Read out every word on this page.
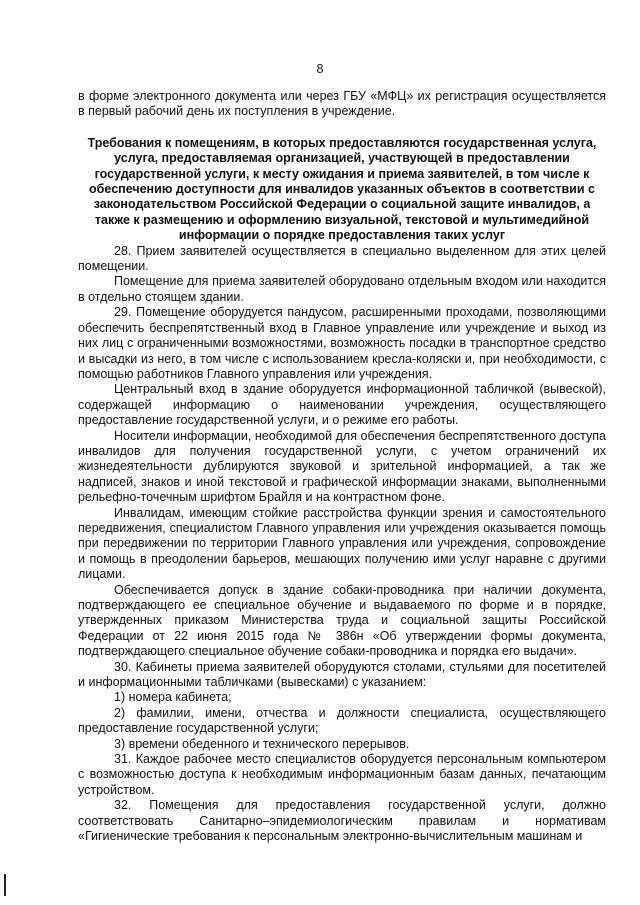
8

в форме электронного документа или через ГБУ «МФЦ» их регистрация осуществляется в первый рабочий день их поступления в учреждение.

Требования к помещениям, в которых предоставляются государственная услуга, услуга, предоставляемая организацией, участвующей в предоставлении государственной услуги, к месту ожидания и приема заявителей, в том числе к обеспечению доступности для инвалидов указанных объектов в соответствии с законодательством Российской Федерации о социальной защите инвалидов, а также к размещению и оформлению визуальной, текстовой и мультимедийной информации о порядке предоставления таких услуг

28. Прием заявителей осуществляется в специально выделенном для этих целей помещении.

Помещение для приема заявителей оборудовано отдельным входом или находится в отдельно стоящем здании.

29. Помещение оборудуется пандусом, расширенными проходами, позволяющими обеспечить беспрепятственный вход в Главное управление или учреждение и выход из них лиц с ограниченными возможностями, возможность посадки в транспортное средство и высадки из него, в том числе с использованием кресла-коляски и, при необходимости, с помощью работников Главного управления или учреждения.

Центральный вход в здание оборудуется информационной табличкой (вывеской), содержащей информацию о наименовании учреждения, осуществляющего предоставление государственной услуги, и о режиме его работы.

Носители информации, необходимой для обеспечения беспрепятственного доступа инвалидов для получения государственной услуги, с учетом ограничений их жизнедеятельности дублируются звуковой и зрительной информацией, а так же надписей, знаков и иной текстовой и графической информации знаками, выполненными рельефно-точечным шрифтом Брайля и на контрастном фоне.

Инвалидам, имеющим стойкие расстройства функции зрения и самостоятельного передвижения, специалистом Главного управления или учреждения оказывается помощь при передвижении по территории Главного управления или учреждения, сопровождение и помощь в преодолении барьеров, мешающих получению ими услуг наравне с другими лицами.

Обеспечивается допуск в здание собаки-проводника при наличии документа, подтверждающего ее специальное обучение и выдаваемого по форме и в порядке, утвержденных приказом Министерства труда и социальной защиты Российской Федерации от 22 июня 2015 года № 386н «Об утверждении формы документа, подтверждающего специальное обучение собаки-проводника и порядка его выдачи».

30. Кабинеты приема заявителей оборудуются столами, стульями для посетителей и информационными табличками (вывесками) с указанием:

1) номера кабинета;

2) фамилии, имени, отчества и должности специалиста, осуществляющего предоставление государственной услуги;

3) времени обеденного и технического перерывов.

31. Каждое рабочее место специалистов оборудуется персональным компьютером с возможностью доступа к необходимым информационным базам данных, печатающим устройством.

32. Помещения для предоставления государственной услуги, должно соответствовать Санитарно–эпидемиологическим правилам и нормативам «Гигиенические требования к персональным электронно-вычислительным машинам и
